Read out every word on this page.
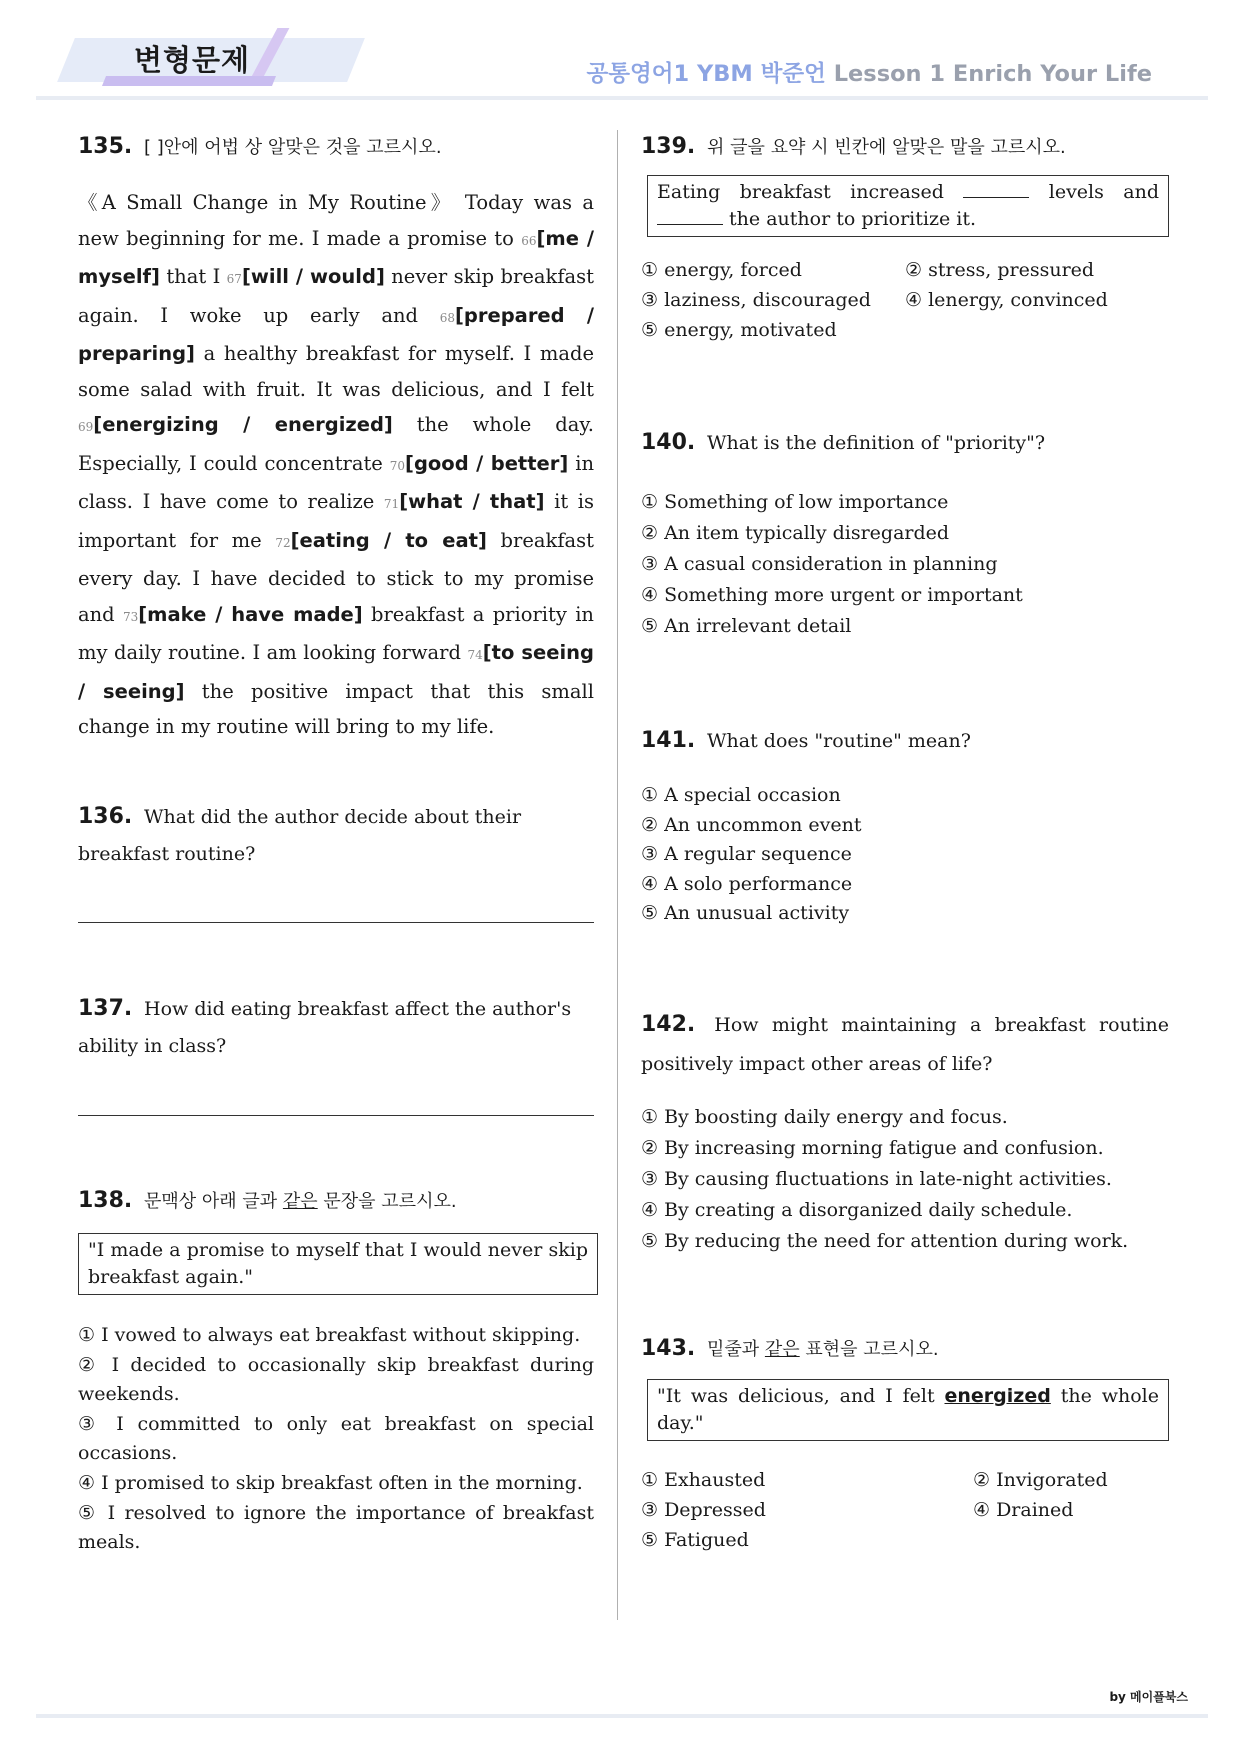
변형문제	공통영어1 YBM 박준언 Lesson 1 Enrich Your Life
135. [ ]안에 어법 상 알맞은 것을 고르시오.
《A Small Change in My Routine》 Today was a new beginning for me. I made a promise to 66[me / myself] that I 67[will / would] never skip breakfast again. I woke up early and 68[prepared / preparing] a healthy breakfast for myself. I made some salad with fruit. It was delicious, and I felt 69[energizing / energized] the whole day. Especially, I could concentrate 70[good / better] in class. I have come to realize 71[what / that] it is important for me 72[eating / to eat] breakfast every day. I have decided to stick to my promise and 73[make / have made] breakfast a priority in my daily routine. I am looking forward 74[to seeing / seeing] the positive impact that this small change in my routine will bring to my life.
136. What did the author decide about their breakfast routine?
137. How did eating breakfast affect the author's ability in class?
138. 문맥상 아래 글과 같은 문장을 고르시오.
"I made a promise to myself that I would never skip breakfast again."
① I vowed to always eat breakfast without skipping.
② I decided to occasionally skip breakfast during weekends.
③ I committed to only eat breakfast on special occasions.
④ I promised to skip breakfast often in the morning.
⑤ I resolved to ignore the importance of breakfast meals.
139. 위 글을 요약 시 빈칸에 알맞은 말을 고르시오.
Eating breakfast increased	levels and
the author to prioritize it.
① energy, forced	② stress, pressured
③ laziness, discouraged	④ lenergy, convinced
⑤ energy, motivated
140. What is the definition of "priority"?
① Something of low importance
② An item typically disregarded
③ A casual consideration in planning
④ Something more urgent or important
⑤ An irrelevant detail
141. What does "routine" mean?
① A special occasion
② An uncommon event
③ A regular sequence
④ A solo performance
⑤ An unusual activity
142. How might maintaining a breakfast routine positively impact other areas of life?
① By boosting daily energy and focus.
② By increasing morning fatigue and confusion.
③ By causing fluctuations in late-night activities.
④ By creating a disorganized daily schedule.
⑤ By reducing the need for attention during work.
143. 밑줄과 같은 표현을 고르시오.
"It was delicious, and I felt energized the whole day."
① Exhausted	② Invigorated
③ Depressed	④ Drained
⑤ Fatigued
by 메이플북스
